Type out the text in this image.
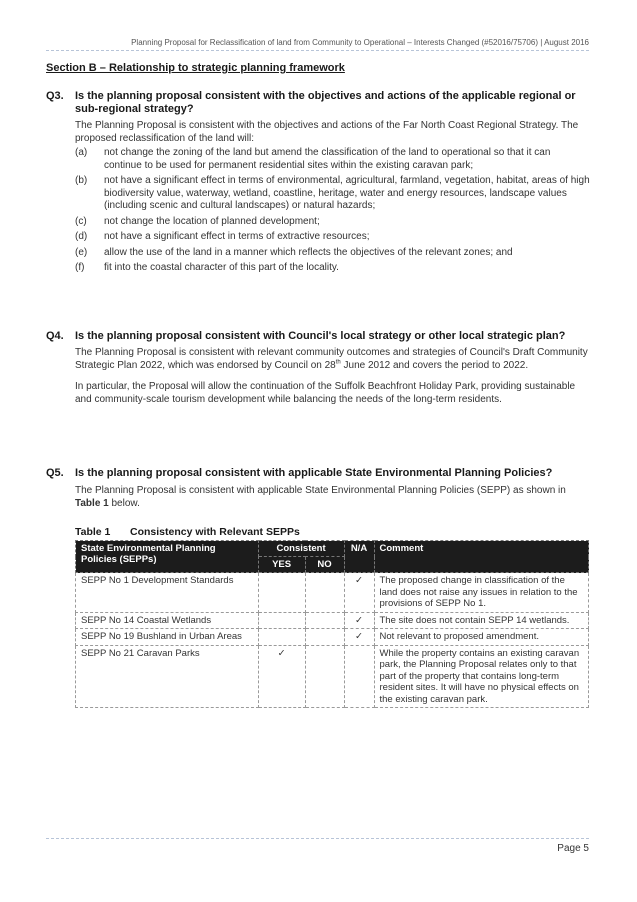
Planning Proposal for Reclassification of land from Community to Operational – Interests Changed (#52016/75706) | August 2016
Section B – Relationship to strategic planning framework
Q3. Is the planning proposal consistent with the objectives and actions of the applicable regional or sub-regional strategy?
The Planning Proposal is consistent with the objectives and actions of the Far North Coast Regional Strategy. The proposed reclassification of the land will:
(a) not change the zoning of the land but amend the classification of the land to operational so that it can continue to be used for permanent residential sites within the existing caravan park;
(b) not have a significant effect in terms of environmental, agricultural, farmland, vegetation, habitat, areas of high biodiversity value, waterway, wetland, coastline, heritage, water and energy resources, landscape values (including scenic and cultural landscapes) or natural hazards;
(c) not change the location of planned development;
(d) not have a significant effect in terms of extractive resources;
(e) allow the use of the land in a manner which reflects the objectives of the relevant zones; and
(f) fit into the coastal character of this part of the locality.
Q4. Is the planning proposal consistent with Council's local strategy or other local strategic plan?
The Planning Proposal is consistent with relevant community outcomes and strategies of Council's Draft Community Strategic Plan 2022, which was endorsed by Council on 28th June 2012 and covers the period to 2022.
In particular, the Proposal will allow the continuation of the Suffolk Beachfront Holiday Park, providing sustainable and community-scale tourism development while balancing the needs of the long-term residents.
Q5. Is the planning proposal consistent with applicable State Environmental Planning Policies?
The Planning Proposal is consistent with applicable State Environmental Planning Policies (SEPP) as shown in Table 1 below.
Table 1 Consistency with Relevant SEPPs
State Environmental Planning Policies (SEPPs)	Consistent		N/A	Comment
	YES	NO		
SEPP No 1 Development Standards			✓	The proposed change in classification of the land does not raise any issues in relation to the provisions of SEPP No 1.
SEPP No 14 Coastal Wetlands			✓	The site does not contain SEPP 14 wetlands.
SEPP No 19 Bushland in Urban Areas			✓	Not relevant to proposed amendment.
SEPP No 21 Caravan Parks	✓			While the property contains an existing caravan park, the Planning Proposal relates only to that part of the property that contains long-term resident sites. It will have no physical effects on the existing caravan park.
Page 5
